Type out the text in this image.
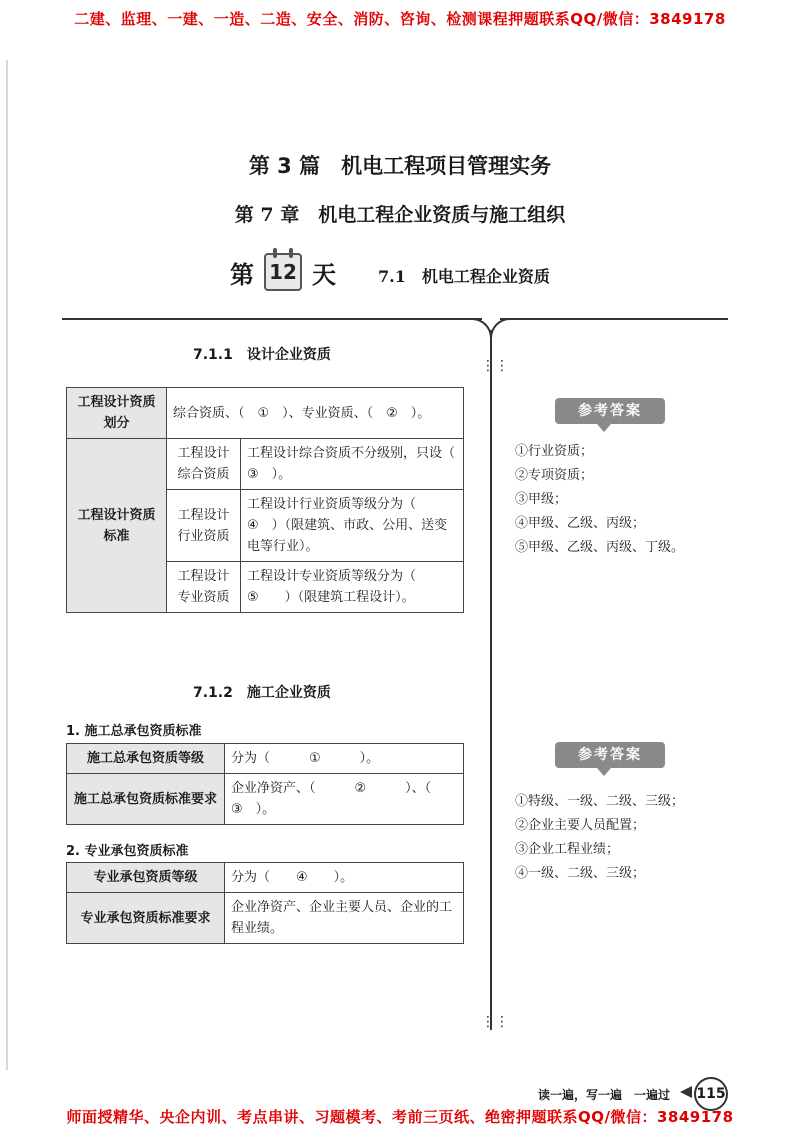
二建、监理、一建、一造、二造、安全、消防、咨询、检测课程押题联系QQ/微信：3849178
第 3 篇　机电工程项目管理实务
第 7 章　机电工程企业资质与施工组织
第 12 天	7.1　机电工程企业资质
⋮⋮
⋮⋮
7.1.1　设计企业资质
工程设计资质划分	综合资质、（　①　）、专业资质、（　②　）。	
工程设计资质标准	工程设计综合资质	工程设计综合资质不分级别，只设（　③　）。
	工程设计行业资质	工程设计行业资质等级分为（　④　）（限建筑、市政、公用、送变电等行业）。
	工程设计专业资质	工程设计专业资质等级分为（　　⑤　　）（限建筑工程设计）。
7.1.2　施工企业资质
1. 施工总承包资质标准
施工总承包资质等级	分为（　　　①　　　）。
施工总承包资质标准要求	企业净资产、（　　　②　　　）、（　③　）。
2. 专业承包资质标准
专业承包资质等级	分为（　　④　　）。
专业承包资质标准要求	企业净资产、企业主要人员、企业的工程业绩。
参考答案
①行业资质；
②专项资质；
③甲级；
④甲级、乙级、丙级；
⑤甲级、乙级、丙级、丁级。
参考答案
①特级、一级、二级、三级；
②企业主要人员配置；
③企业工程业绩；
④一级、二级、三级；
读一遍，写一遍　一遍过 115
师面授精华、央企内训、考点串讲、习题模考、考前三页纸、绝密押题联系QQ/微信：3849178
